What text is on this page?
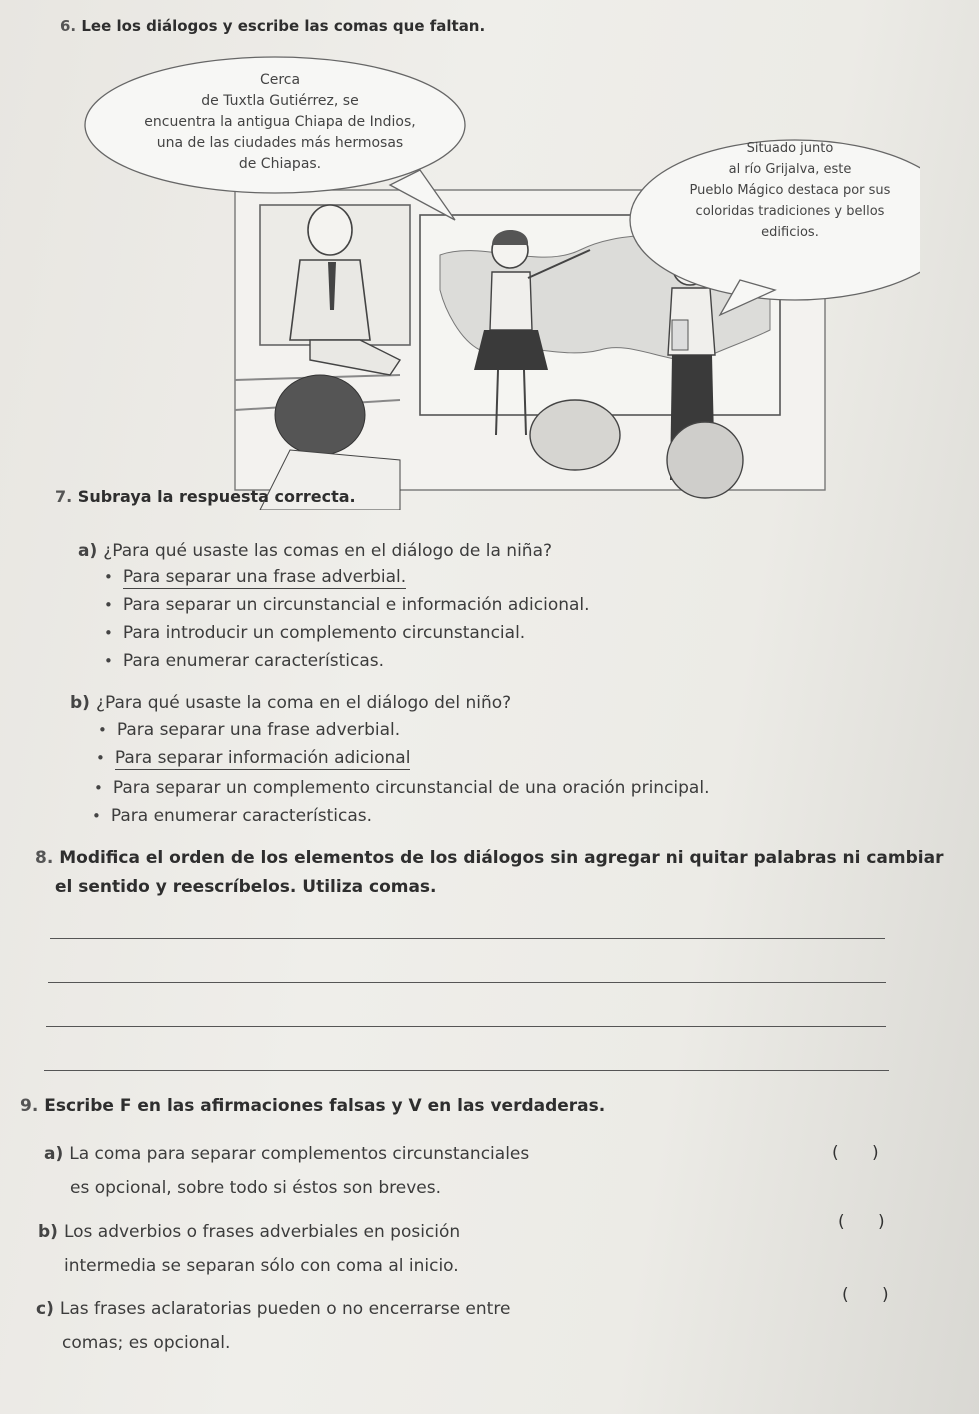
6. Lee los diálogos y escribe las comas que faltan.
Cerca
de Tuxtla Gutiérrez, se
encuentra la antigua Chiapa de Indios,
una de las ciudades más hermosas
de Chiapas.
Situado junto
al río Grijalva, este
Pueblo Mágico destaca por sus
coloridas tradiciones y bellos
edificios.
7. Subraya la respuesta correcta.
a) ¿Para qué usaste las comas en el diálogo de la niña?
• Para separar una frase adverbial.
• Para separar un circunstancial e información adicional.
• Para introducir un complemento circunstancial.
• Para enumerar características.
b) ¿Para qué usaste la coma en el diálogo del niño?
• Para separar una frase adverbial.
• Para separar información adicional
• Para separar un complemento circunstancial de una oración principal.
• Para enumerar características.
8. Modifica el orden de los elementos de los diálogos sin agregar ni quitar palabras ni cambiar
el sentido y reescríbelos. Utiliza comas.
9. Escribe F en las afirmaciones falsas y V en las verdaderas.
a) La coma para separar complementos circunstanciales
es opcional, sobre todo si éstos son breves.
( )
b) Los adverbios o frases adverbiales en posición
intermedia se separan sólo con coma al inicio.
( )
c) Las frases aclaratorias pueden o no encerrarse entre
comas; es opcional.
( )
